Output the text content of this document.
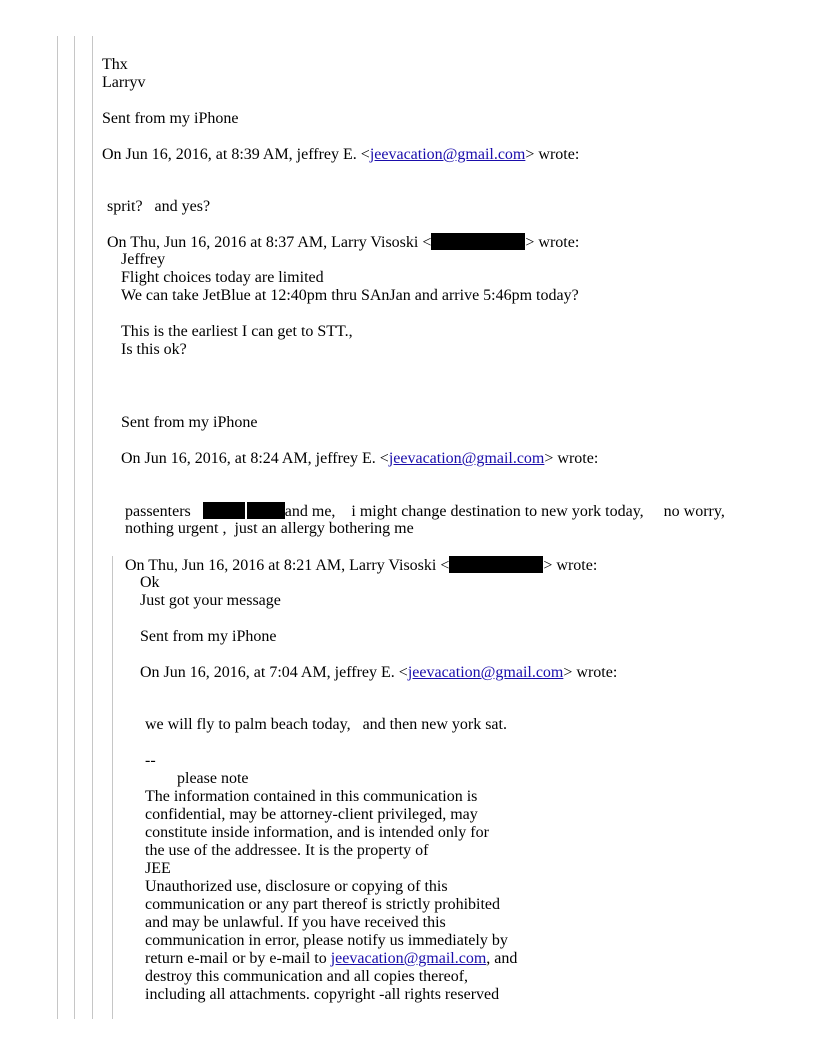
Thx
Larryv
Sent from my iPhone
On Jun 16, 2016, at 8:39 AM, jeffrey E. <jeevacation@gmail.com> wrote:
sprit?   and yes?
On Thu, Jun 16, 2016 at 8:37 AM, Larry Visoski <	> wrote:
Jeffrey
Flight choices today are limited
We can take JetBlue at 12:40pm thru SAnJan and arrive 5:46pm today?
This is the earliest I can get to STT.,
Is this ok?
Sent from my iPhone
On Jun 16, 2016, at 8:24 AM, jeffrey E. <jeevacation@gmail.com> wrote:
passenters	and me,    i might change destination to new york today,     no worry,
nothing urgent ,  just an allergy bothering me
On Thu, Jun 16, 2016 at 8:21 AM, Larry Visoski <	> wrote:
Ok
Just got your message
Sent from my iPhone
On Jun 16, 2016, at 7:04 AM, jeffrey E. <jeevacation@gmail.com> wrote:
we will fly to palm beach today,   and then new york sat.
--
please note
The information contained in this communication is
confidential, may be attorney-client privileged, may
constitute inside information, and is intended only for
the use of the addressee. It is the property of
JEE
Unauthorized use, disclosure or copying of this
communication or any part thereof is strictly prohibited
and may be unlawful. If you have received this
communication in error, please notify us immediately by
return e-mail or by e-mail to jeevacation@gmail.com, and
destroy this communication and all copies thereof,
including all attachments. copyright -all rights reserved
